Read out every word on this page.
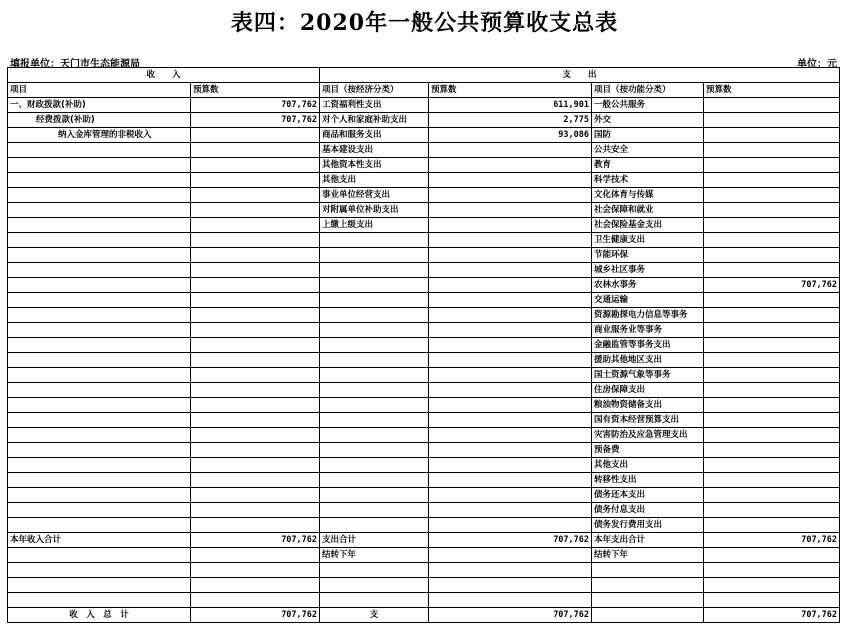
表四：2020年一般公共预算收支总表
填报单位：天门市生态能源局	单位：元
收　　入		支　　出			
项目	预算数	项目（按经济分类）	预算数	项目（按功能分类）	预算数
一、财政拨款(补助)	707,762	工资福利性支出	611,901	一般公共服务	
经费拨款(补助)	707,762	对个人和家庭补助支出	2,775	外交	
纳入金库管理的非税收入		商品和服务支出	93,086	国防	
		基本建设支出		公共安全	
		其他资本性支出		教育	
		其他支出		科学技术	
		事业单位经营支出		文化体育与传媒	
		对附属单位补助支出		社会保障和就业	
		上缴上级支出		社会保险基金支出	
				卫生健康支出	
				节能环保	
				城乡社区事务	
				农林水事务	707,762
				交通运输	
				资源勘探电力信息等事务	
				商业服务业等事务	
				金融监管等事务支出	
				援助其他地区支出	
				国土资源气象等事务	
				住房保障支出	
				粮油物资储备支出	
				国有资本经营预算支出	
				灾害防治及应急管理支出	
				预备费	
				其他支出	
				转移性支出	
				债务还本支出	
				债务付息支出	
				债务发行费用支出	
本年收入合计	707,762	支出合计	707,762	本年支出合计	707,762
		结转下年		结转下年	

收　入　总　计	707,762	支	707,762		707,762
